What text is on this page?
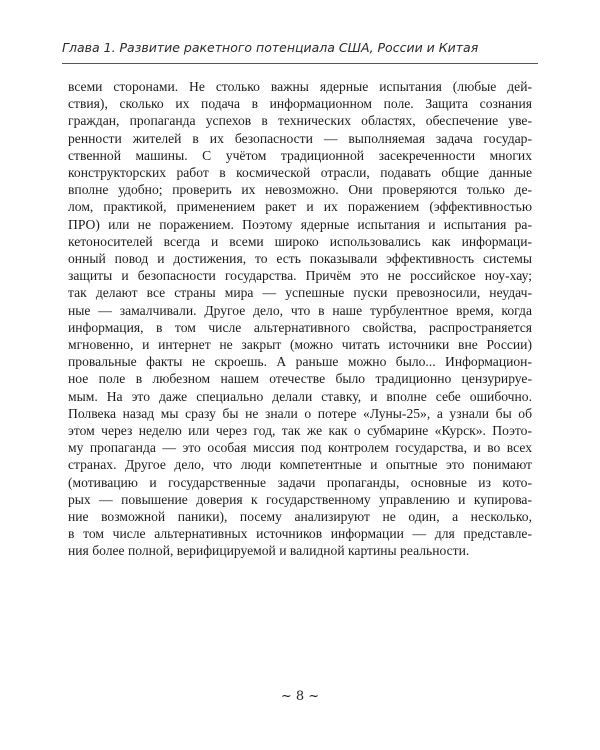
Глава 1. Развитие ракетного потенциала США, России и Китая
всеми сторонами. Не столько важны ядерные испытания (любые дей-
ствия), сколько их подача в информационном поле. Защита сознания
граждан, пропаганда успехов в технических областях, обеспечение уве-
ренности жителей в их безопасности — выполняемая задача государ-
ственной машины. С учётом традиционной засекреченности многих
конструкторских работ в космической отрасли, подавать общие данные
вполне удобно; проверить их невозможно. Они проверяются только де-
лом, практикой, применением ракет и их поражением (эффективностью
ПРО) или не поражением. Поэтому ядерные испытания и испытания ра-
кетоносителей всегда и всеми широко использовались как информаци-
онный повод и достижения, то есть показывали эффективность системы
защиты и безопасности государства. Причём это не российское ноу-хау;
так делают все страны мира — успешные пуски превозносили, неудач-
ные — замалчивали. Другое дело, что в наше турбулентное время, когда
информация, в том числе альтернативного свойства, распространяется
мгновенно, и интернет не закрыт (можно читать источники вне России)
провальные факты не скроешь. А раньше можно было... Информацион-
ное поле в любезном нашем отечестве было традиционно цензурируе-
мым. На это даже специально делали ставку, и вполне себе ошибочно.
Полвека назад мы сразу бы не знали о потере «Луны-25», а узнали бы об
этом через неделю или через год, так же как о субмарине «Курск». Поэто-
му пропаганда — это особая миссия под контролем государства, и во всех
странах. Другое дело, что люди компетентные и опытные это понимают
(мотивацию и государственные задачи пропаганды, основные из кото-
рых — повышение доверия к государственному управлению и купирова-
ние возможной паники), посему анализируют не один, а несколько,
в том числе альтернативных источников информации — для представле-
ния более полной, верифицируемой и валидной картины реальности.
~ 8 ~
